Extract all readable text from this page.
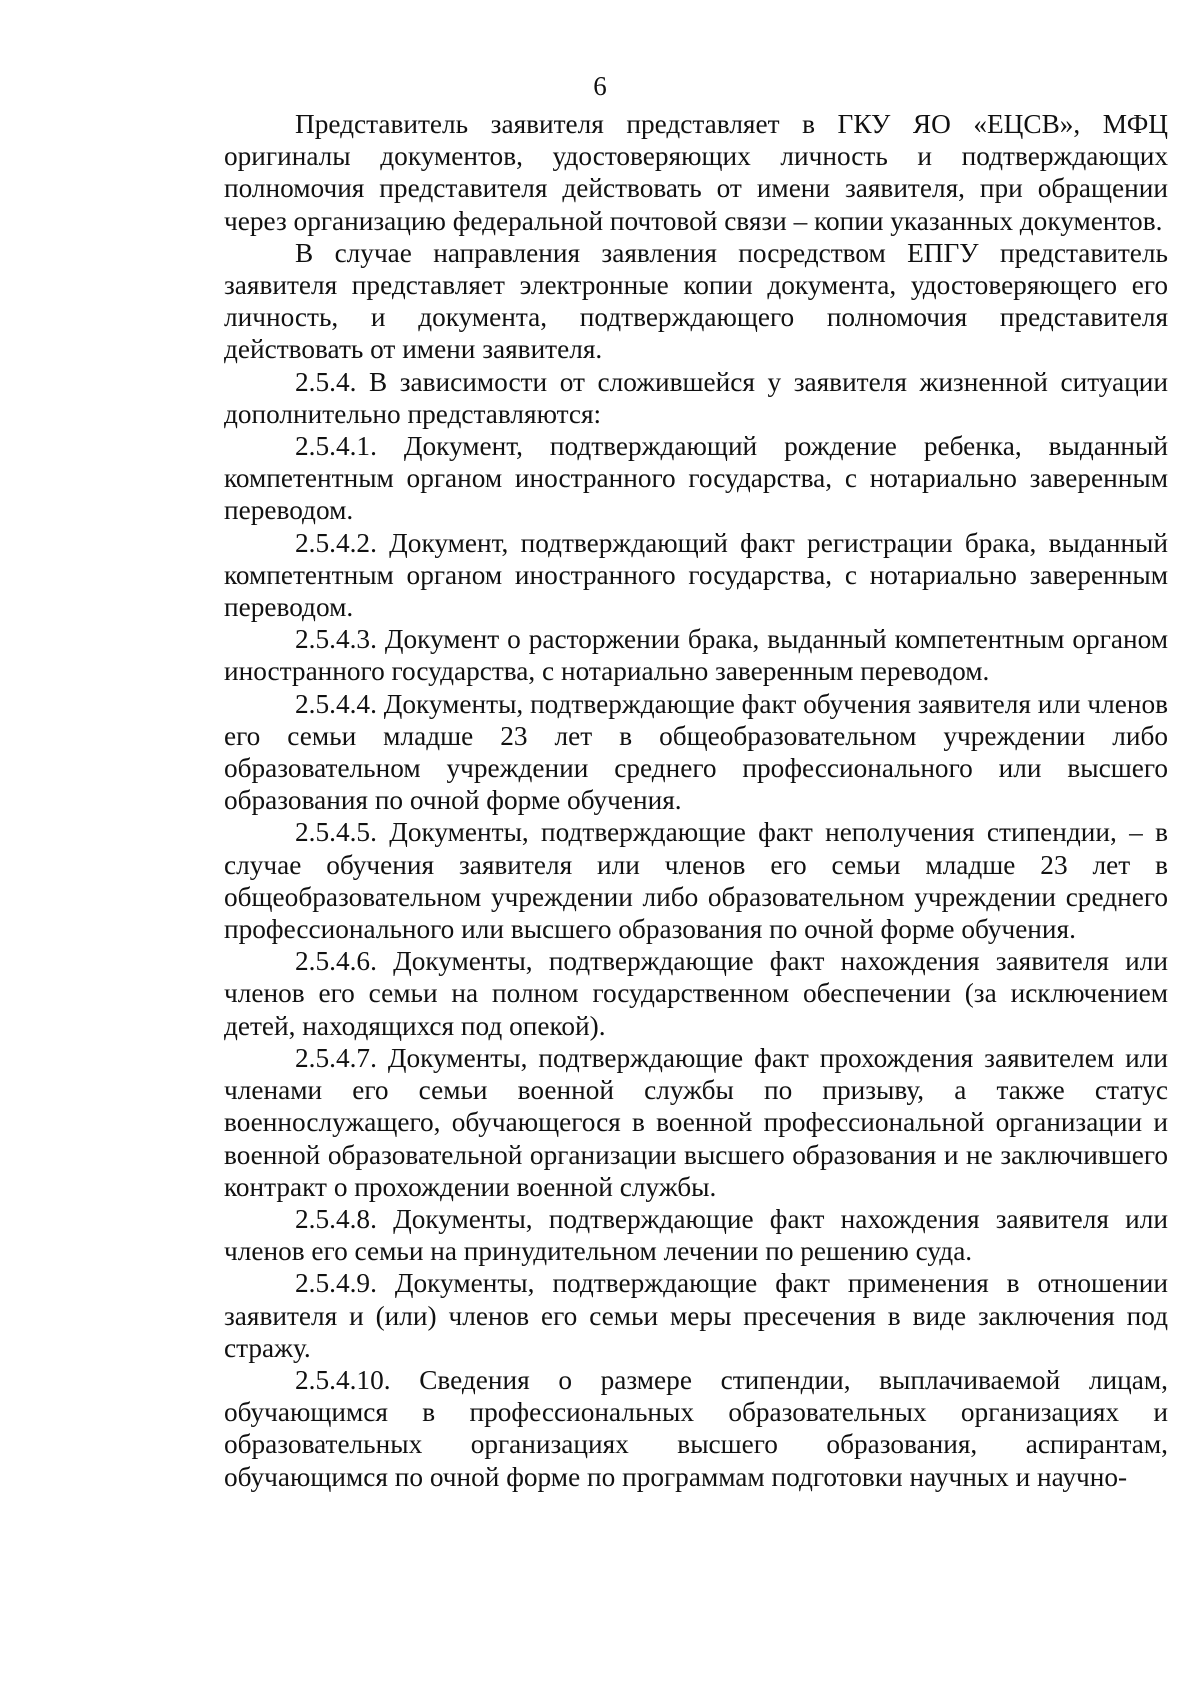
6

Представитель заявителя представляет в ГКУ ЯО «ЕЦСВ», МФЦ оригиналы документов, удостоверяющих личность и подтверждающих полномочия представителя действовать от имени заявителя, при обращении через организацию федеральной почтовой связи – копии указанных документов.

В случае направления заявления посредством ЕПГУ представитель заявителя представляет электронные копии документа, удостоверяющего его личность, и документа, подтверждающего полномочия представителя действовать от имени заявителя.

2.5.4. В зависимости от сложившейся у заявителя жизненной ситуации дополнительно представляются:

2.5.4.1. Документ, подтверждающий рождение ребенка, выданный компетентным органом иностранного государства, с нотариально заверенным переводом.

2.5.4.2. Документ, подтверждающий факт регистрации брака, выданный компетентным органом иностранного государства, с нотариально заверенным переводом.

2.5.4.3. Документ о расторжении брака, выданный компетентным органом иностранного государства, с нотариально заверенным переводом.

2.5.4.4. Документы, подтверждающие факт обучения заявителя или членов его семьи младше 23 лет в общеобразовательном учреждении либо образовательном учреждении среднего профессионального или высшего образования по очной форме обучения.

2.5.4.5. Документы, подтверждающие факт неполучения стипендии, – в случае обучения заявителя или членов его семьи младше 23 лет в общеобразовательном учреждении либо образовательном учреждении среднего профессионального или высшего образования по очной форме обучения.

2.5.4.6. Документы, подтверждающие факт нахождения заявителя или членов его семьи на полном государственном обеспечении (за исключением детей, находящихся под опекой).

2.5.4.7. Документы, подтверждающие факт прохождения заявителем или членами его семьи военной службы по призыву, а также статус военнослужащего, обучающегося в военной профессиональной организации и военной образовательной организации высшего образования и не заключившего контракт о прохождении военной службы.

2.5.4.8. Документы, подтверждающие факт нахождения заявителя или членов его семьи на принудительном лечении по решению суда.

2.5.4.9. Документы, подтверждающие факт применения в отношении заявителя и (или) членов его семьи меры пресечения в виде заключения под стражу.

2.5.4.10. Сведения о размере стипендии, выплачиваемой лицам, обучающимся в профессиональных образовательных организациях и образовательных организациях высшего образования, аспирантам, обучающимся по очной форме по программам подготовки научных и научно-
